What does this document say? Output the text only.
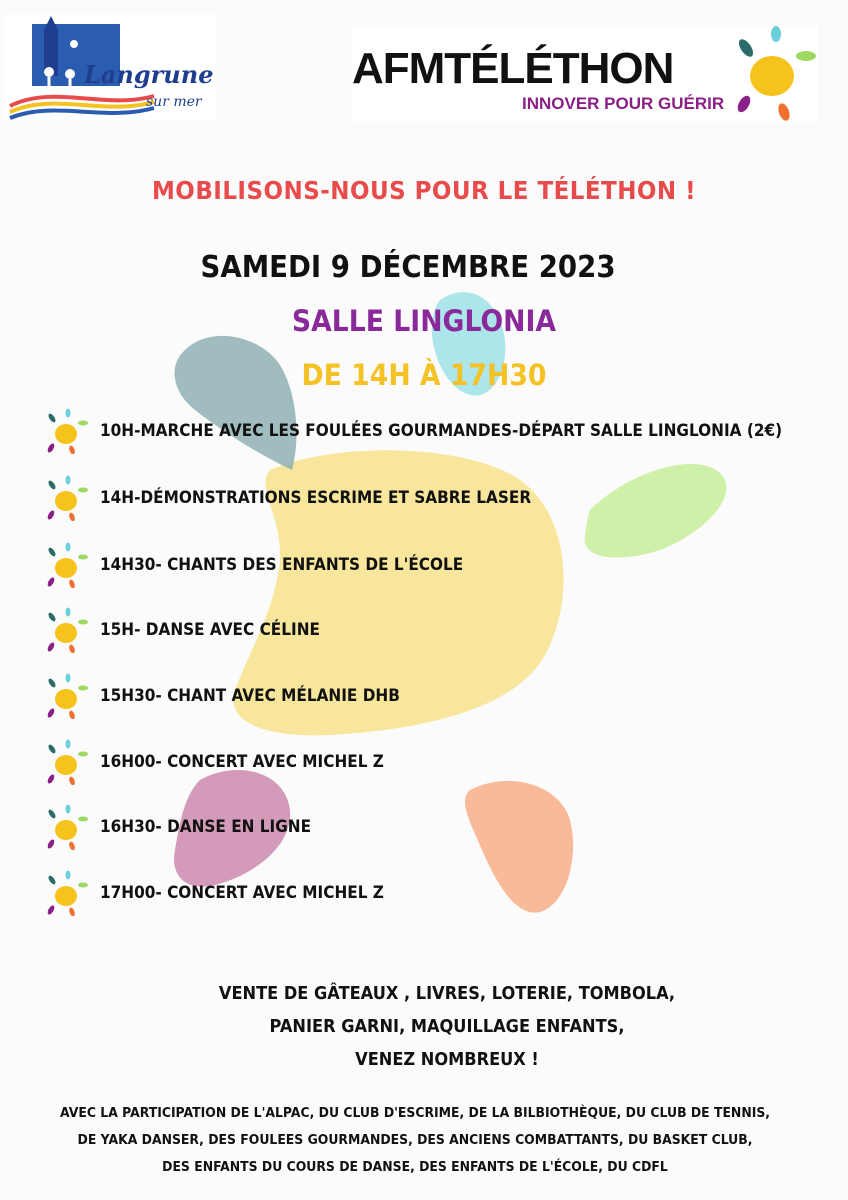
Langrune
sur mer
AFMTÉLÉTHON
INNOVER POUR GUÉRIR
MOBILISONS-NOUS POUR LE TÉLÉTHON !
SAMEDI 9 DÉCEMBRE 2023
SALLE LINGLONIA
DE 14H À 17H30
10H-MARCHE AVEC LES FOULÉES GOURMANDES-DÉPART SALLE LINGLONIA (2€)
14H-DÉMONSTRATIONS ESCRIME ET SABRE LASER
14H30- CHANTS DES ENFANTS DE L'ÉCOLE
15H- DANSE AVEC CÉLINE
15H30- CHANT AVEC MÉLANIE DHB
16H00- CONCERT AVEC MICHEL Z
16H30- DANSE EN LIGNE
17H00- CONCERT AVEC MICHEL Z
VENTE DE GÂTEAUX , LIVRES, LOTERIE, TOMBOLA,
PANIER GARNI, MAQUILLAGE ENFANTS,
VENEZ NOMBREUX !
AVEC LA PARTICIPATION DE L'ALPAC, DU CLUB D'ESCRIME, DE LA BILBIOTHÈQUE, DU CLUB DE TENNIS,
DE YAKA DANSER, DES FOULEES GOURMANDES, DES ANCIENS COMBATTANTS, DU BASKET CLUB,
DES ENFANTS DU COURS DE DANSE, DES ENFANTS DE L'ÉCOLE, DU CDFL
